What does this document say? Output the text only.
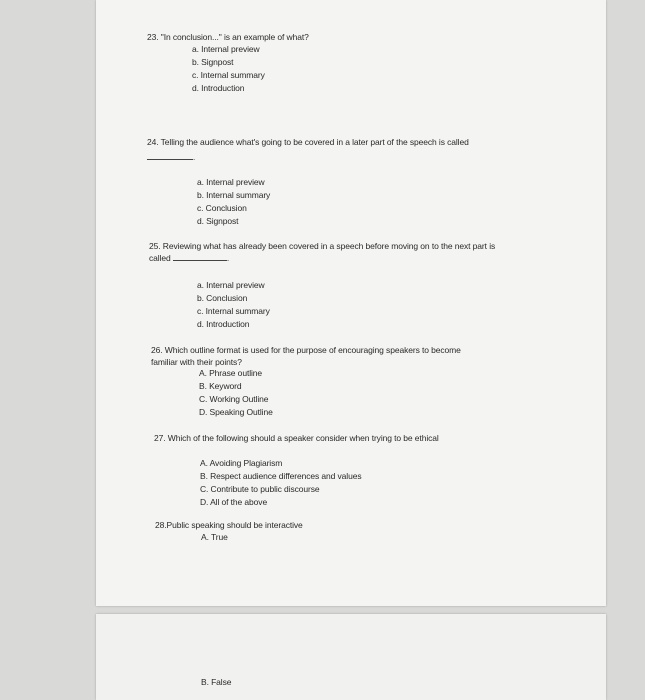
23. "In conclusion..." is an example of what?
a. Internal preview
b. Signpost
c. Internal summary
d. Introduction
24. Telling the audience what's going to be covered in a later part of the speech is called
.
a. Internal preview
b. Internal summary
c. Conclusion
d. Signpost
25. Reviewing what has already been covered in a speech before moving on to the next part is
called	.
a. Internal preview
b. Conclusion
c. Internal summary
d. Introduction
26. Which outline format is used for the purpose of encouraging speakers to become
familiar with their points?
A. Phrase outline
B. Keyword
C. Working Outline
D. Speaking Outline
27. Which of the following should a speaker consider when trying to be ethical
A. Avoiding Plagiarism
B. Respect audience differences and values
C. Contribute to public discourse
D. All of the above
28.Public speaking should be interactive
A. True
B. False
